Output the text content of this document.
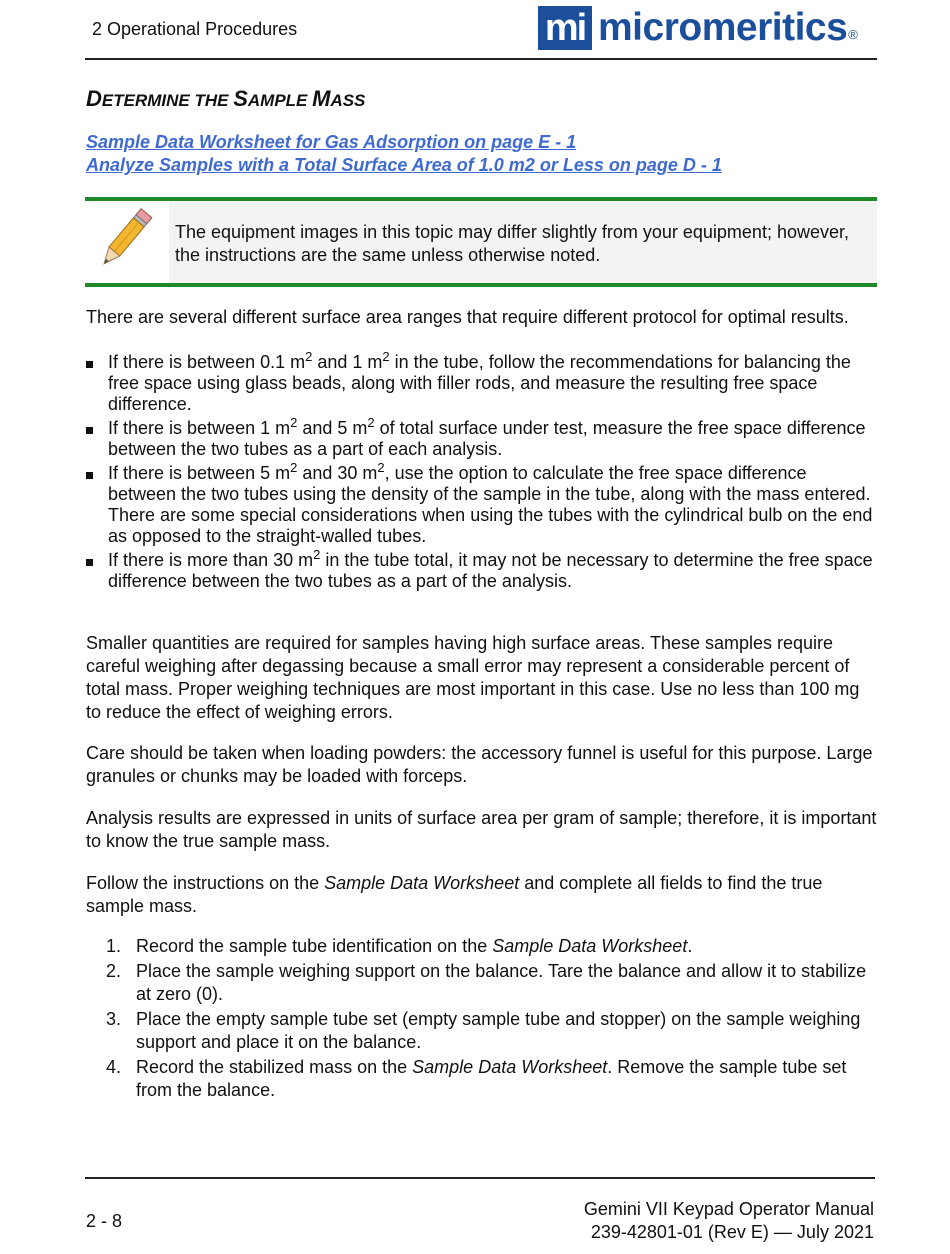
2 Operational Procedures	mi micromeritics ®
DETERMINE THE SAMPLE MASS
Sample Data Worksheet for Gas Adsorption on page E - 1
Analyze Samples with a Total Surface Area of 1.0 m2 or Less on page D - 1
The equipment images in this topic may differ slightly from your equipment; however, the instructions are the same unless otherwise noted.
There are several different surface area ranges that require different protocol for optimal results.
If there is between 0.1 $m^2$ and 1 $m^2$ in the tube, follow the recommendations for balancing the free space using glass beads, along with filler rods, and measure the resulting free space difference.
If there is between 1 $m^2$ and 5 $m^2$ of total surface under test, measure the free space difference between the two tubes as a part of each analysis.
If there is between 5 $m^2$ and 30 $m^2$, use the option to calculate the free space difference between the two tubes using the density of the sample in the tube, along with the mass entered. There are some special considerations when using the tubes with the cylindrical bulb on the end as opposed to the straight-walled tubes.
If there is more than 30 $m^2$ in the tube total, it may not be necessary to determine the free space difference between the two tubes as a part of the analysis.
Smaller quantities are required for samples having high surface areas. These samples require careful weighing after degassing because a small error may represent a considerable percent of total mass. Proper weighing techniques are most important in this case. Use no less than 100 mg to reduce the effect of weighing errors.
Care should be taken when loading powders: the accessory funnel is useful for this purpose. Large granules or chunks may be loaded with forceps.
Analysis results are expressed in units of surface area per gram of sample; therefore, it is important to know the true sample mass.
Follow the instructions on the Sample Data Worksheet and complete all fields to find the true sample mass.
1. Record the sample tube identification on the Sample Data Worksheet.
2. Place the sample weighing support on the balance. Tare the balance and allow it to stabilize at zero (0).
3. Place the empty sample tube set (empty sample tube and stopper) on the sample weighing support and place it on the balance.
4. Record the stabilized mass on the Sample Data Worksheet. Remove the sample tube set from the balance.
2 - 8
Gemini VII Keypad Operator Manual
239-42801-01 (Rev E) — July 2021
